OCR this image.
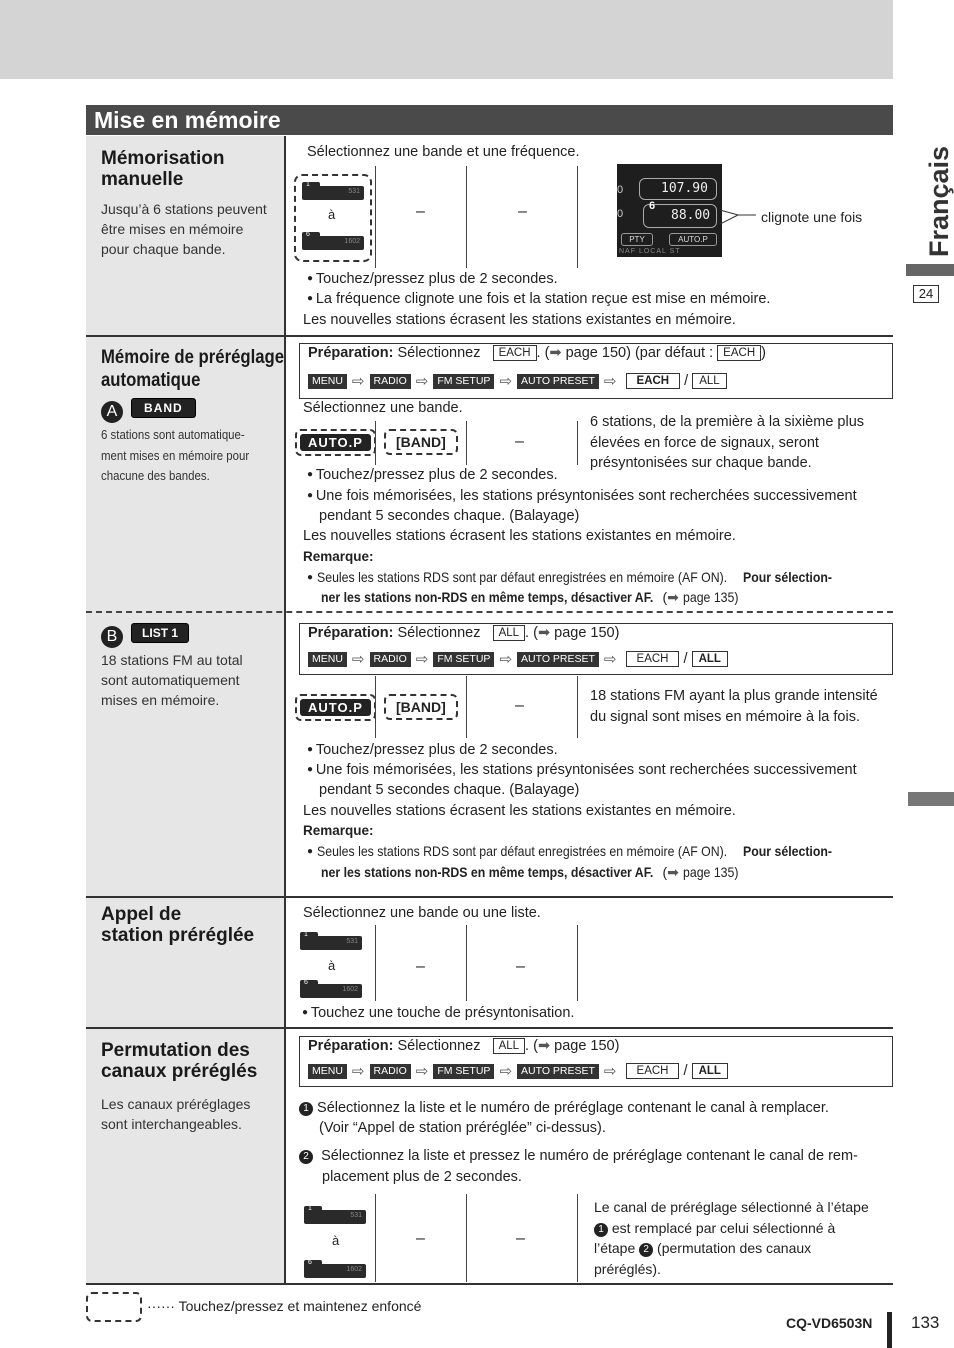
Français
24
Mise en mémoire
Mémorisation
manuelle
Jusqu’à 6 stations peuvent
être mises en mémoire
pour chaque bande.
Sélectionnez une bande et une fréquence.
1
531
à
6
1602
–	–
107.90
0
0
6
88.00
PTY	AUTO.P
NAF LOCAL ST
clignote une fois
● Touchez/pressez plus de 2 secondes.
● La fréquence clignote une fois et la station reçue est mise en mémoire.
Les nouvelles stations écrasent les stations existantes en mémoire.
Mémoire de préréglage
automatique
A BAND
6 stations sont automatique-
ment mises en mémoire pour
chacune des bandes.
Préparation: Sélectionnez EACH . (➡ page 150) (par défaut : EACH )
MENU ⇨ RADIO ⇨ FM SETUP ⇨ AUTO PRESET ⇨ EACH / ALL
Sélectionnez une bande.
AUTO.P	[BAND]	–
6 stations, de la première à la sixième plus
élevées en force de signaux, seront
présyntonisées sur chaque bande.
● Touchez/pressez plus de 2 secondes.
● Une fois mémorisées, les stations présyntonisées sont recherchées successivement
pendant 5 secondes chaque. (Balayage)
Les nouvelles stations écrasent les stations existantes en mémoire.
Remarque:
● Seules les stations RDS sont par défaut enregistrées en mémoire (AF ON). Pour sélection-
ner les stations non-RDS en même temps, désactiver AF. (➡ page 135)
B LIST 1
18 stations FM au total
sont automatiquement
mises en mémoire.
Préparation: Sélectionnez ALL . (➡ page 150)
MENU ⇨ RADIO ⇨ FM SETUP ⇨ AUTO PRESET ⇨ EACH / ALL
AUTO.P	[BAND]	–
18 stations FM ayant la plus grande intensité
du signal sont mises en mémoire à la fois.
● Touchez/pressez plus de 2 secondes.
● Une fois mémorisées, les stations présyntonisées sont recherchées successivement
pendant 5 secondes chaque. (Balayage)
Les nouvelles stations écrasent les stations existantes en mémoire.
Remarque:
● Seules les stations RDS sont par défaut enregistrées en mémoire (AF ON). Pour sélection-
ner les stations non-RDS en même temps, désactiver AF. (➡ page 135)
Appel de
station préréglée
Sélectionnez une bande ou une liste.
1
531
à
6
1602
–	–
● Touchez une touche de présyntonisation.
Permutation des
canaux préréglés
Les canaux préréglages
sont interchangeables.
Préparation: Sélectionnez ALL . (➡ page 150)
MENU ⇨ RADIO ⇨ FM SETUP ⇨ AUTO PRESET ⇨ EACH / ALL
1 Sélectionnez la liste et le numéro de préréglage contenant le canal à remplacer.
(Voir “Appel de station préréglée” ci-dessus).
2 Sélectionnez la liste et pressez le numéro de préréglage contenant le canal de rem-
placement plus de 2 secondes.
1
531
à
6
1602
–	–
Le canal de préréglage sélectionné à l’étape
1 est remplacé par celui sélectionné à
l’étape 2 (permutation des canaux
préréglés).
······ Touchez/pressez et maintenez enfoncé
CQ-VD6503N 133
